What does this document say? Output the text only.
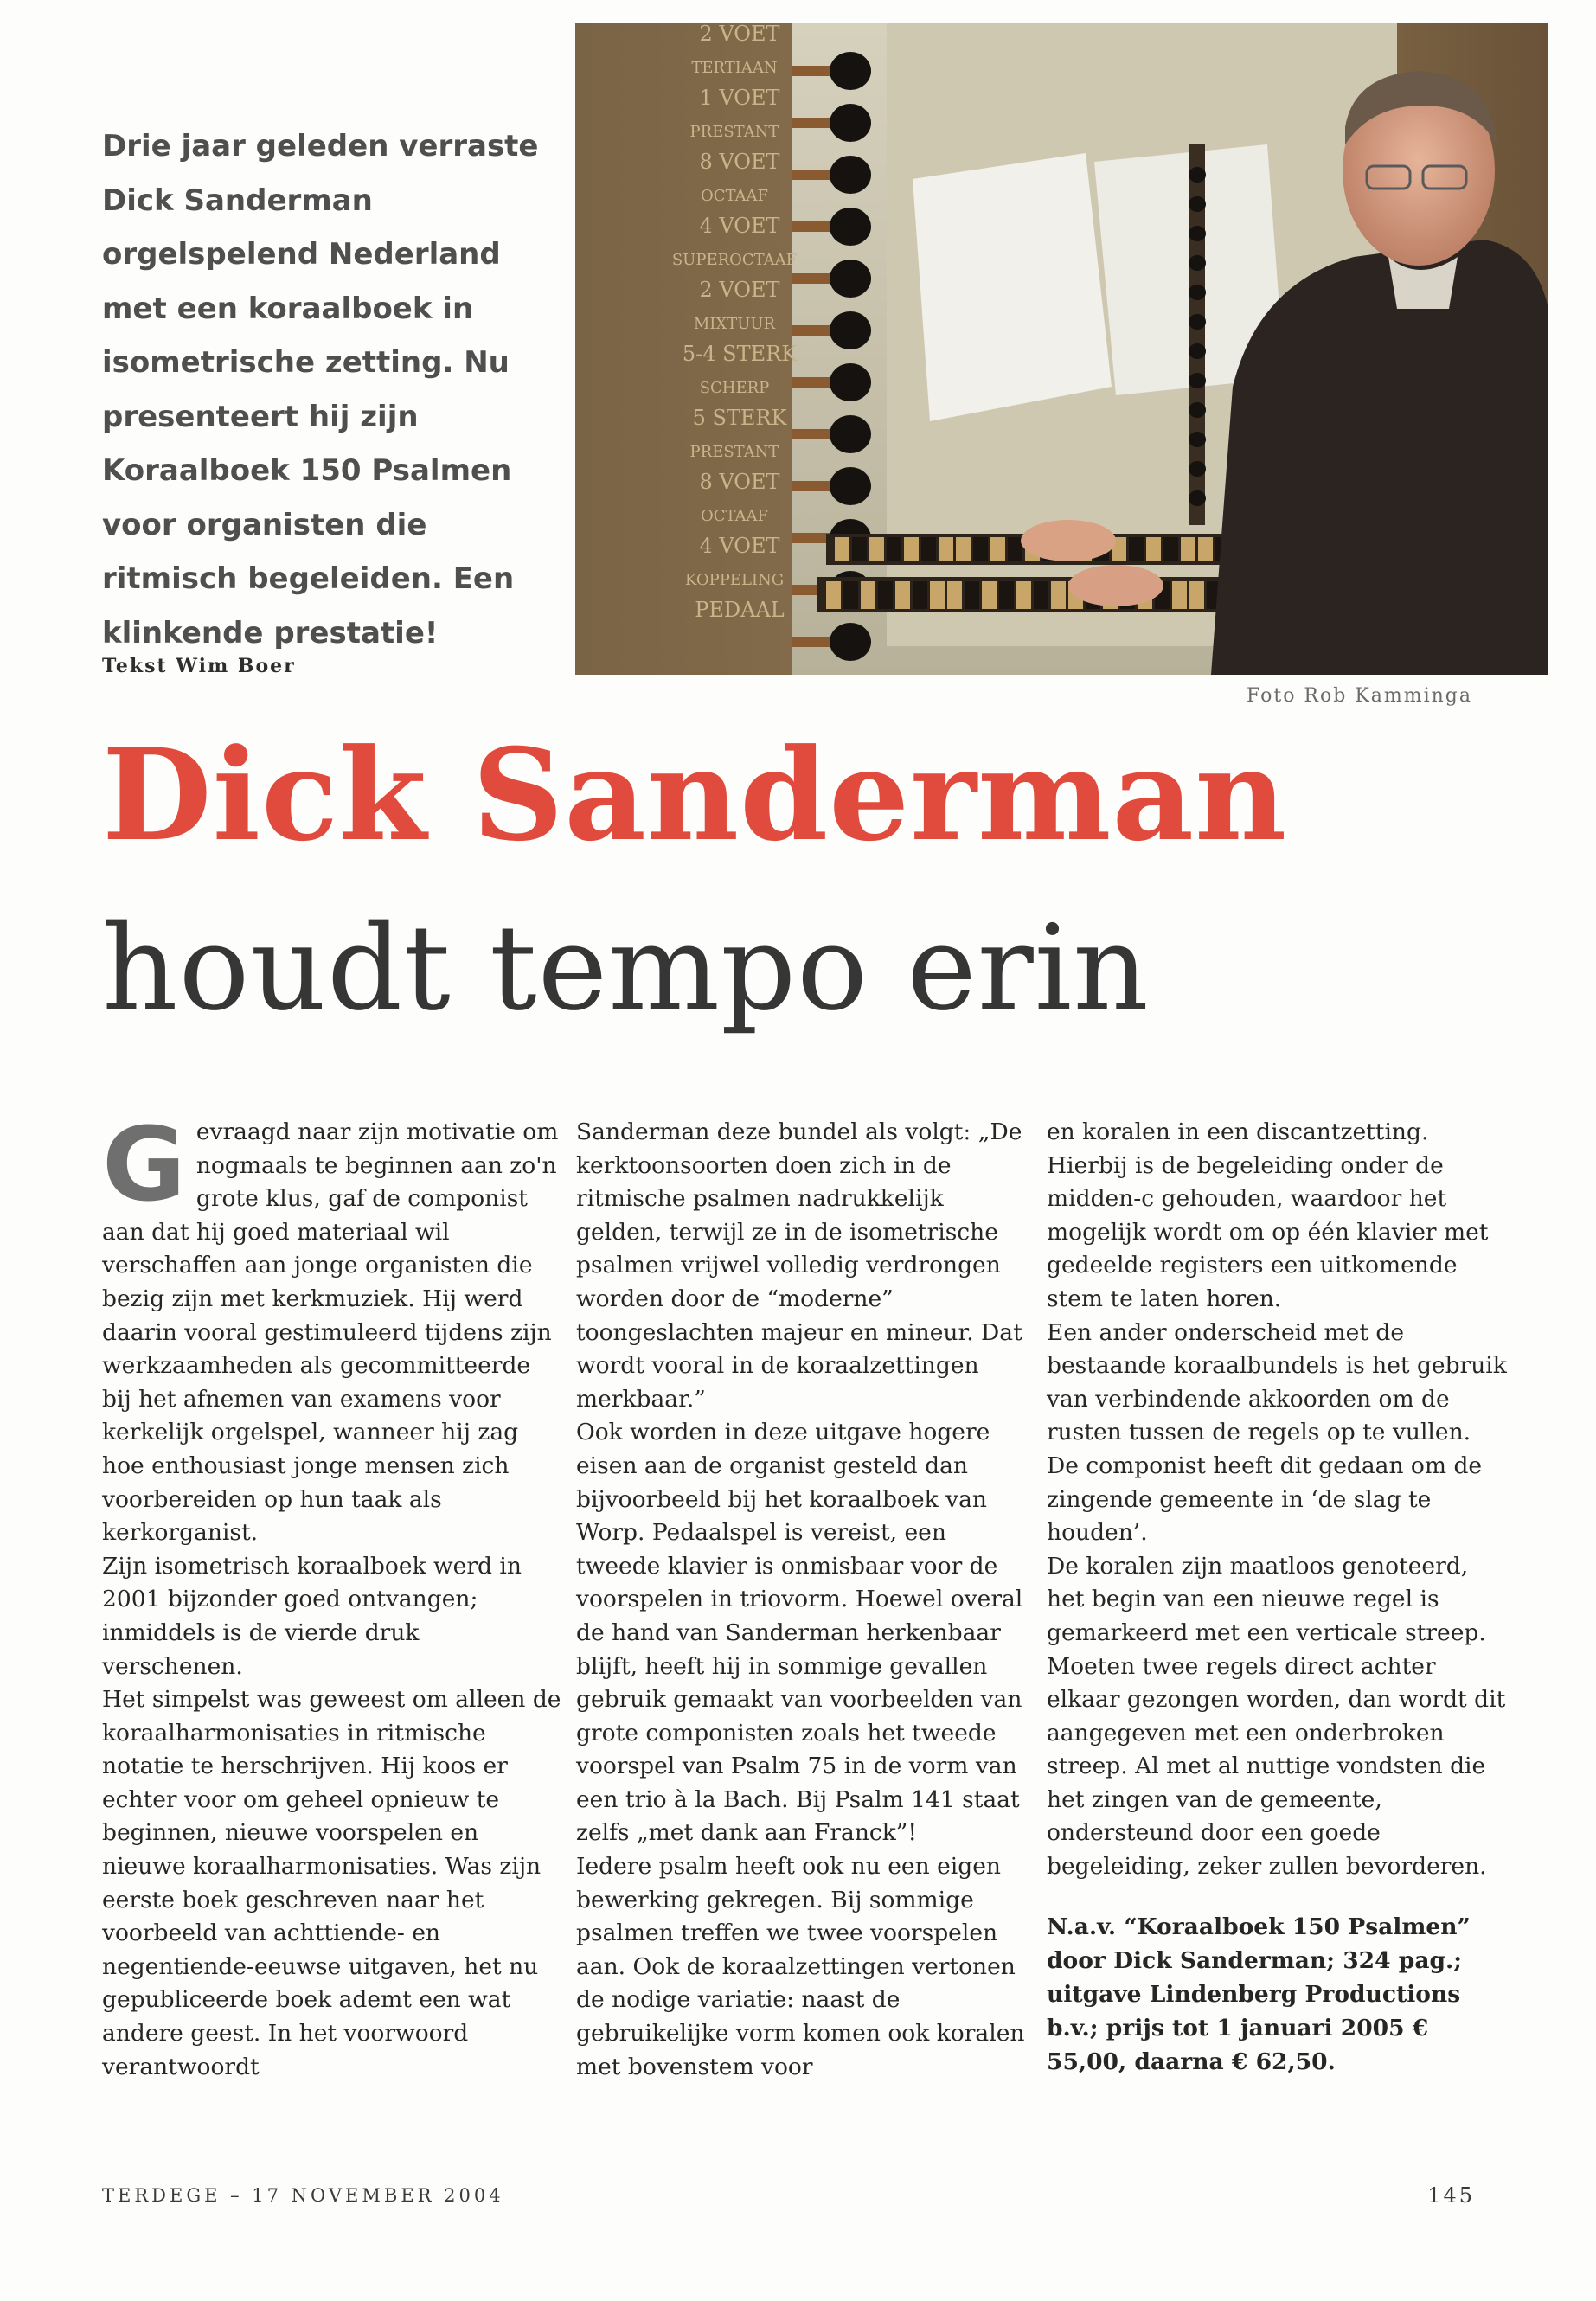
Drie jaar geleden verraste Dick Sanderman orgelspelend Nederland met een koraalboek in isometrische zetting. Nu presenteert hij zijn Koraalboek 150 Psalmen voor organisten die ritmisch begeleiden. Een klinkende prestatie!
Tekst Wim Boer
2 VOET
TERTIAAN
1 VOET
PRESTANT
8 VOET
OCTAAF
4 VOET
SUPEROCTAAF
2 VOET
MIXTUUR
5-4 STERK
SCHERP
5 STERK
PRESTANT
8 VOET
OCTAAF
4 VOET
KOPPELING
PEDAAL
Foto Rob Kamminga
Dick Sanderman
houdt tempo erin

Gevraagd naar zijn motivatie om nogmaals te beginnen aan zo'n grote klus, gaf de componist aan dat hij goed materiaal wil verschaffen aan jonge organisten die bezig zijn met kerkmuziek. Hij werd daarin vooral gestimuleerd tijdens zijn werkzaamheden als gecommitteerde bij het afnemen van examens voor kerkelijk orgelspel, wanneer hij zag hoe enthousiast jonge mensen zich voorbereiden op hun taak als kerkorganist.

Zijn isometrisch koraalboek werd in 2001 bijzonder goed ontvangen; inmiddels is de vierde druk verschenen.

Het simpelst was geweest om alleen de koraalharmonisaties in ritmische notatie te herschrijven. Hij koos er echter voor om geheel opnieuw te beginnen, nieuwe voorspelen en nieuwe koraalharmonisaties. Was zijn eerste boek geschreven naar het voorbeeld van achttiende- en negentiende-eeuwse uitgaven, het nu gepubliceerde boek ademt een wat andere geest. In het voorwoord verantwoordt

Sanderman deze bundel als volgt: „De kerktoonsoorten doen zich in de ritmische psalmen nadrukkelijk gelden, terwijl ze in de isometrische psalmen vrijwel volledig verdrongen worden door de “moderne” toongeslachten majeur en mineur. Dat wordt vooral in de koraalzettingen merkbaar.”

Ook worden in deze uitgave hogere eisen aan de organist gesteld dan bijvoorbeeld bij het koraalboek van Worp. Pedaalspel is vereist, een tweede klavier is onmisbaar voor de voorspelen in triovorm. Hoewel overal de hand van Sanderman herkenbaar blijft, heeft hij in sommige gevallen gebruik gemaakt van voorbeelden van grote componisten zoals het tweede voorspel van Psalm 75 in de vorm van een trio à la Bach. Bij Psalm 141 staat zelfs „met dank aan Franck”!

Iedere psalm heeft ook nu een eigen bewerking gekregen. Bij sommige psalmen treffen we twee voorspelen aan. Ook de koraalzettingen vertonen de nodige variatie: naast de gebruikelijke vorm komen ook koralen met bovenstem voor

en koralen in een discantzetting. Hierbij is de begeleiding onder de midden-c gehouden, waardoor het mogelijk wordt om op één klavier met gedeelde registers een uitkomende stem te laten horen.

Een ander onderscheid met de bestaande koraalbundels is het gebruik van verbindende akkoorden om de rusten tussen de regels op te vullen. De componist heeft dit gedaan om de zingende gemeente in ‘de slag te houden’.

De koralen zijn maatloos genoteerd, het begin van een nieuwe regel is gemarkeerd met een verticale streep. Moeten twee regels direct achter elkaar gezongen worden, dan wordt dit aangegeven met een onderbroken streep. Al met al nuttige vondsten die het zingen van de gemeente, ondersteund door een goede begeleiding, zeker zullen bevorderen.

N.a.v. “Koraalboek 150 Psalmen” door Dick Sanderman; 324 pag.; uitgave Lindenberg Productions b.v.; prijs tot 1 januari 2005 € 55,00, daarna € 62,50.

TERDEGE – 17 NOVEMBER 2004	145
